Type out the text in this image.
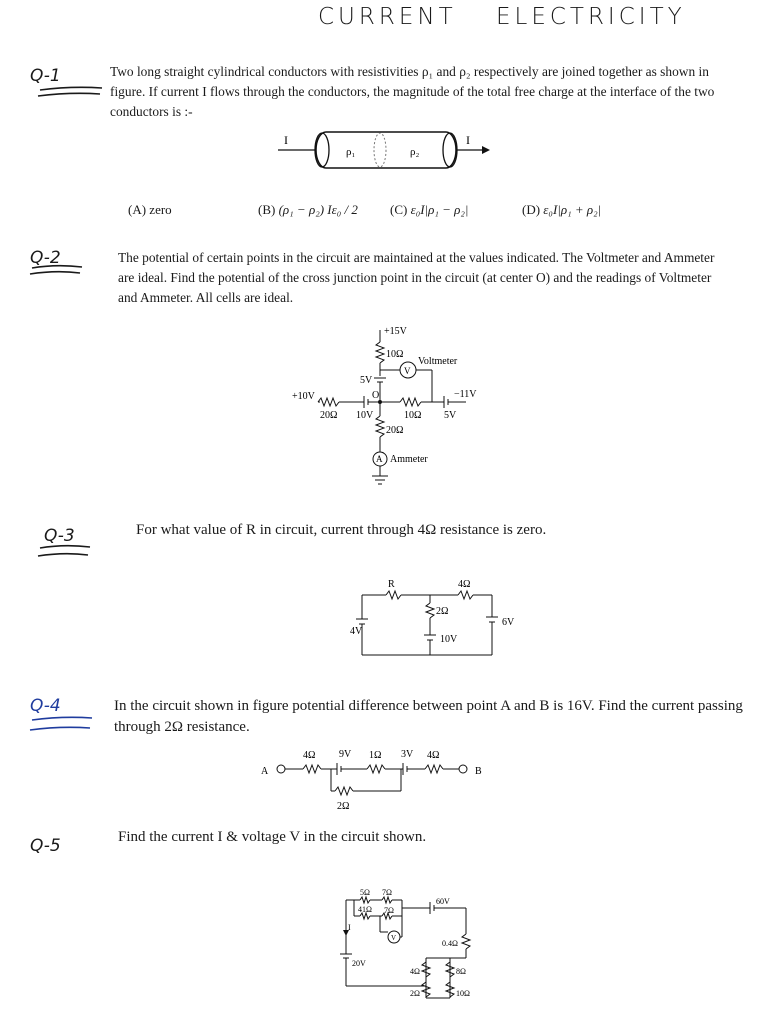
CURRENT ELECTRICITY
Q-1	Two long straight cylindrical conductors with resistivities ρ₁ and ρ₂ respectively are joined together as shown in figure. If current I flows through the conductors, the magnitude of the total free charge at the interface of the two conductors is :-
I	I
ρ₁	ρ₂
(A) zero	(B) (ρ₁ − ρ₂) Iε₀ / 2 (C) ε₀I|ρ₁ − ρ₂|	(D) ε₀I|ρ₁ + ρ₂|
Q-2	The potential of certain points in the circuit are maintained at the values indicated. The Voltmeter and Ammeter are ideal. Find the potential of the cross junction point in the circuit (at center O) and the readings of Voltmeter and Ammeter. All cells are ideal.
+15V
10Ω
Voltmeter
V
5V
+10V	−11V
20Ω 10V
O
10Ω 5V
20Ω
A Ammeter
Q-3	For what value of R in circuit, current through 4Ω resistance is zero.
R	4Ω
2Ω
4V
10V
6V
Q-4	In the circuit shown in figure potential difference between point A and B is 16V. Find the current passing through 2Ω resistance.
A	B
4Ω 9V 1Ω 3V 4Ω
2Ω
Q-5	Find the current I & voltage V in the circuit shown.
5Ω 7Ω
41Ω 7Ω
60V
I
V
0.4Ω
20V
4Ω	8Ω
2Ω	10Ω
